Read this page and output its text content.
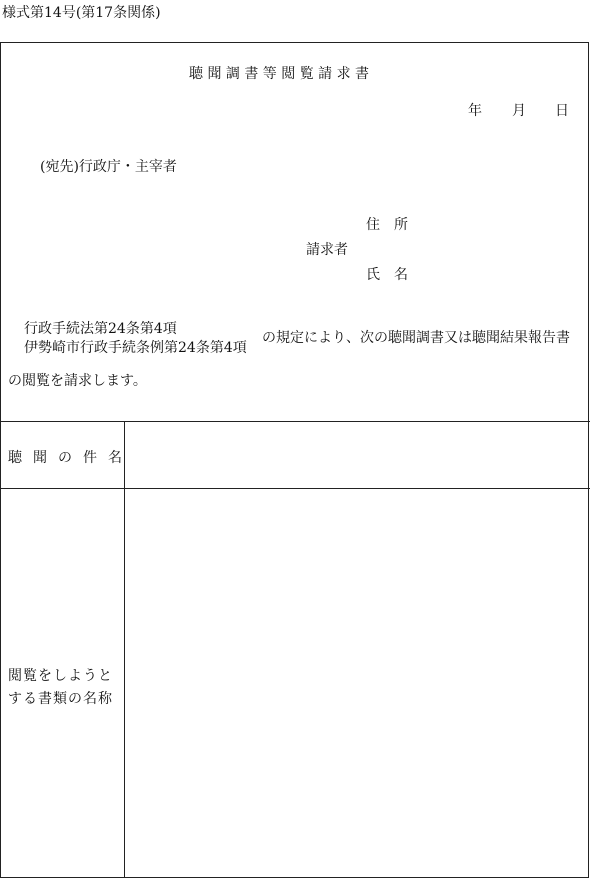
様式第14号(第17条関係)
聴 聞 調 書 等 閲 覧 請 求 書
年 月 日
(宛先)行政庁・主宰者
住　所
請求者
氏　名
行政手続法第24条第4項
伊勢崎市行政手続条例第24条第4項
の規定により、次の聴聞調書又は聴聞結果報告書
の閲覧を請求します。
聴聞の件名
閲覧をしようと
する書類の名称
